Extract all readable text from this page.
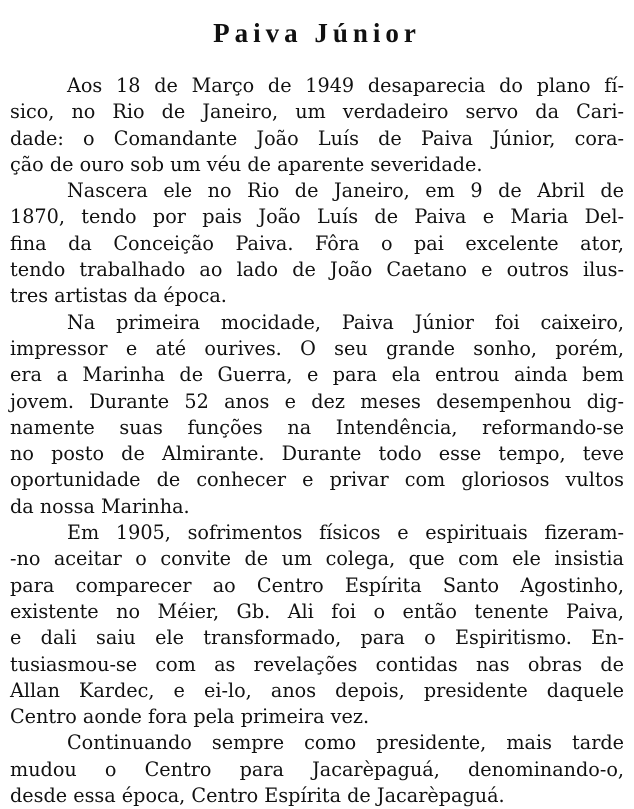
Paiva Júnior
Aos 18 de Março de 1949 desaparecia do plano fí-
sico, no Rio de Janeiro, um verdadeiro servo da Cari-
dade: o Comandante João Luís de Paiva Júnior, cora-
ção de ouro sob um véu de aparente severidade.
Nascera ele no Rio de Janeiro, em 9 de Abril de
1870, tendo por pais João Luís de Paiva e Maria Del-
fina da Conceição Paiva. Fôra o pai excelente ator,
tendo trabalhado ao lado de João Caetano e outros ilus-
tres artistas da época.
Na primeira mocidade, Paiva Júnior foi caixeiro,
impressor e até ourives. O seu grande sonho, porém,
era a Marinha de Guerra, e para ela entrou ainda bem
jovem. Durante 52 anos e dez meses desempenhou dig-
namente suas funções na Intendência, reformando-se
no posto de Almirante. Durante todo esse tempo, teve
oportunidade de conhecer e privar com gloriosos vultos
da nossa Marinha.
Em 1905, sofrimentos físicos e espirituais fizeram-
-no aceitar o convite de um colega, que com ele insistia
para comparecer ao Centro Espírita Santo Agostinho,
existente no Méier, Gb. Ali foi o então tenente Paiva,
e dali saiu ele transformado, para o Espiritismo. En-
tusiasmou-se com as revelações contidas nas obras de
Allan Kardec, e ei-lo, anos depois, presidente daquele
Centro aonde fora pela primeira vez.
Continuando sempre como presidente, mais tarde
mudou o Centro para Jacarèpaguá, denominando-o,
desde essa época, Centro Espírita de Jacarèpaguá.
